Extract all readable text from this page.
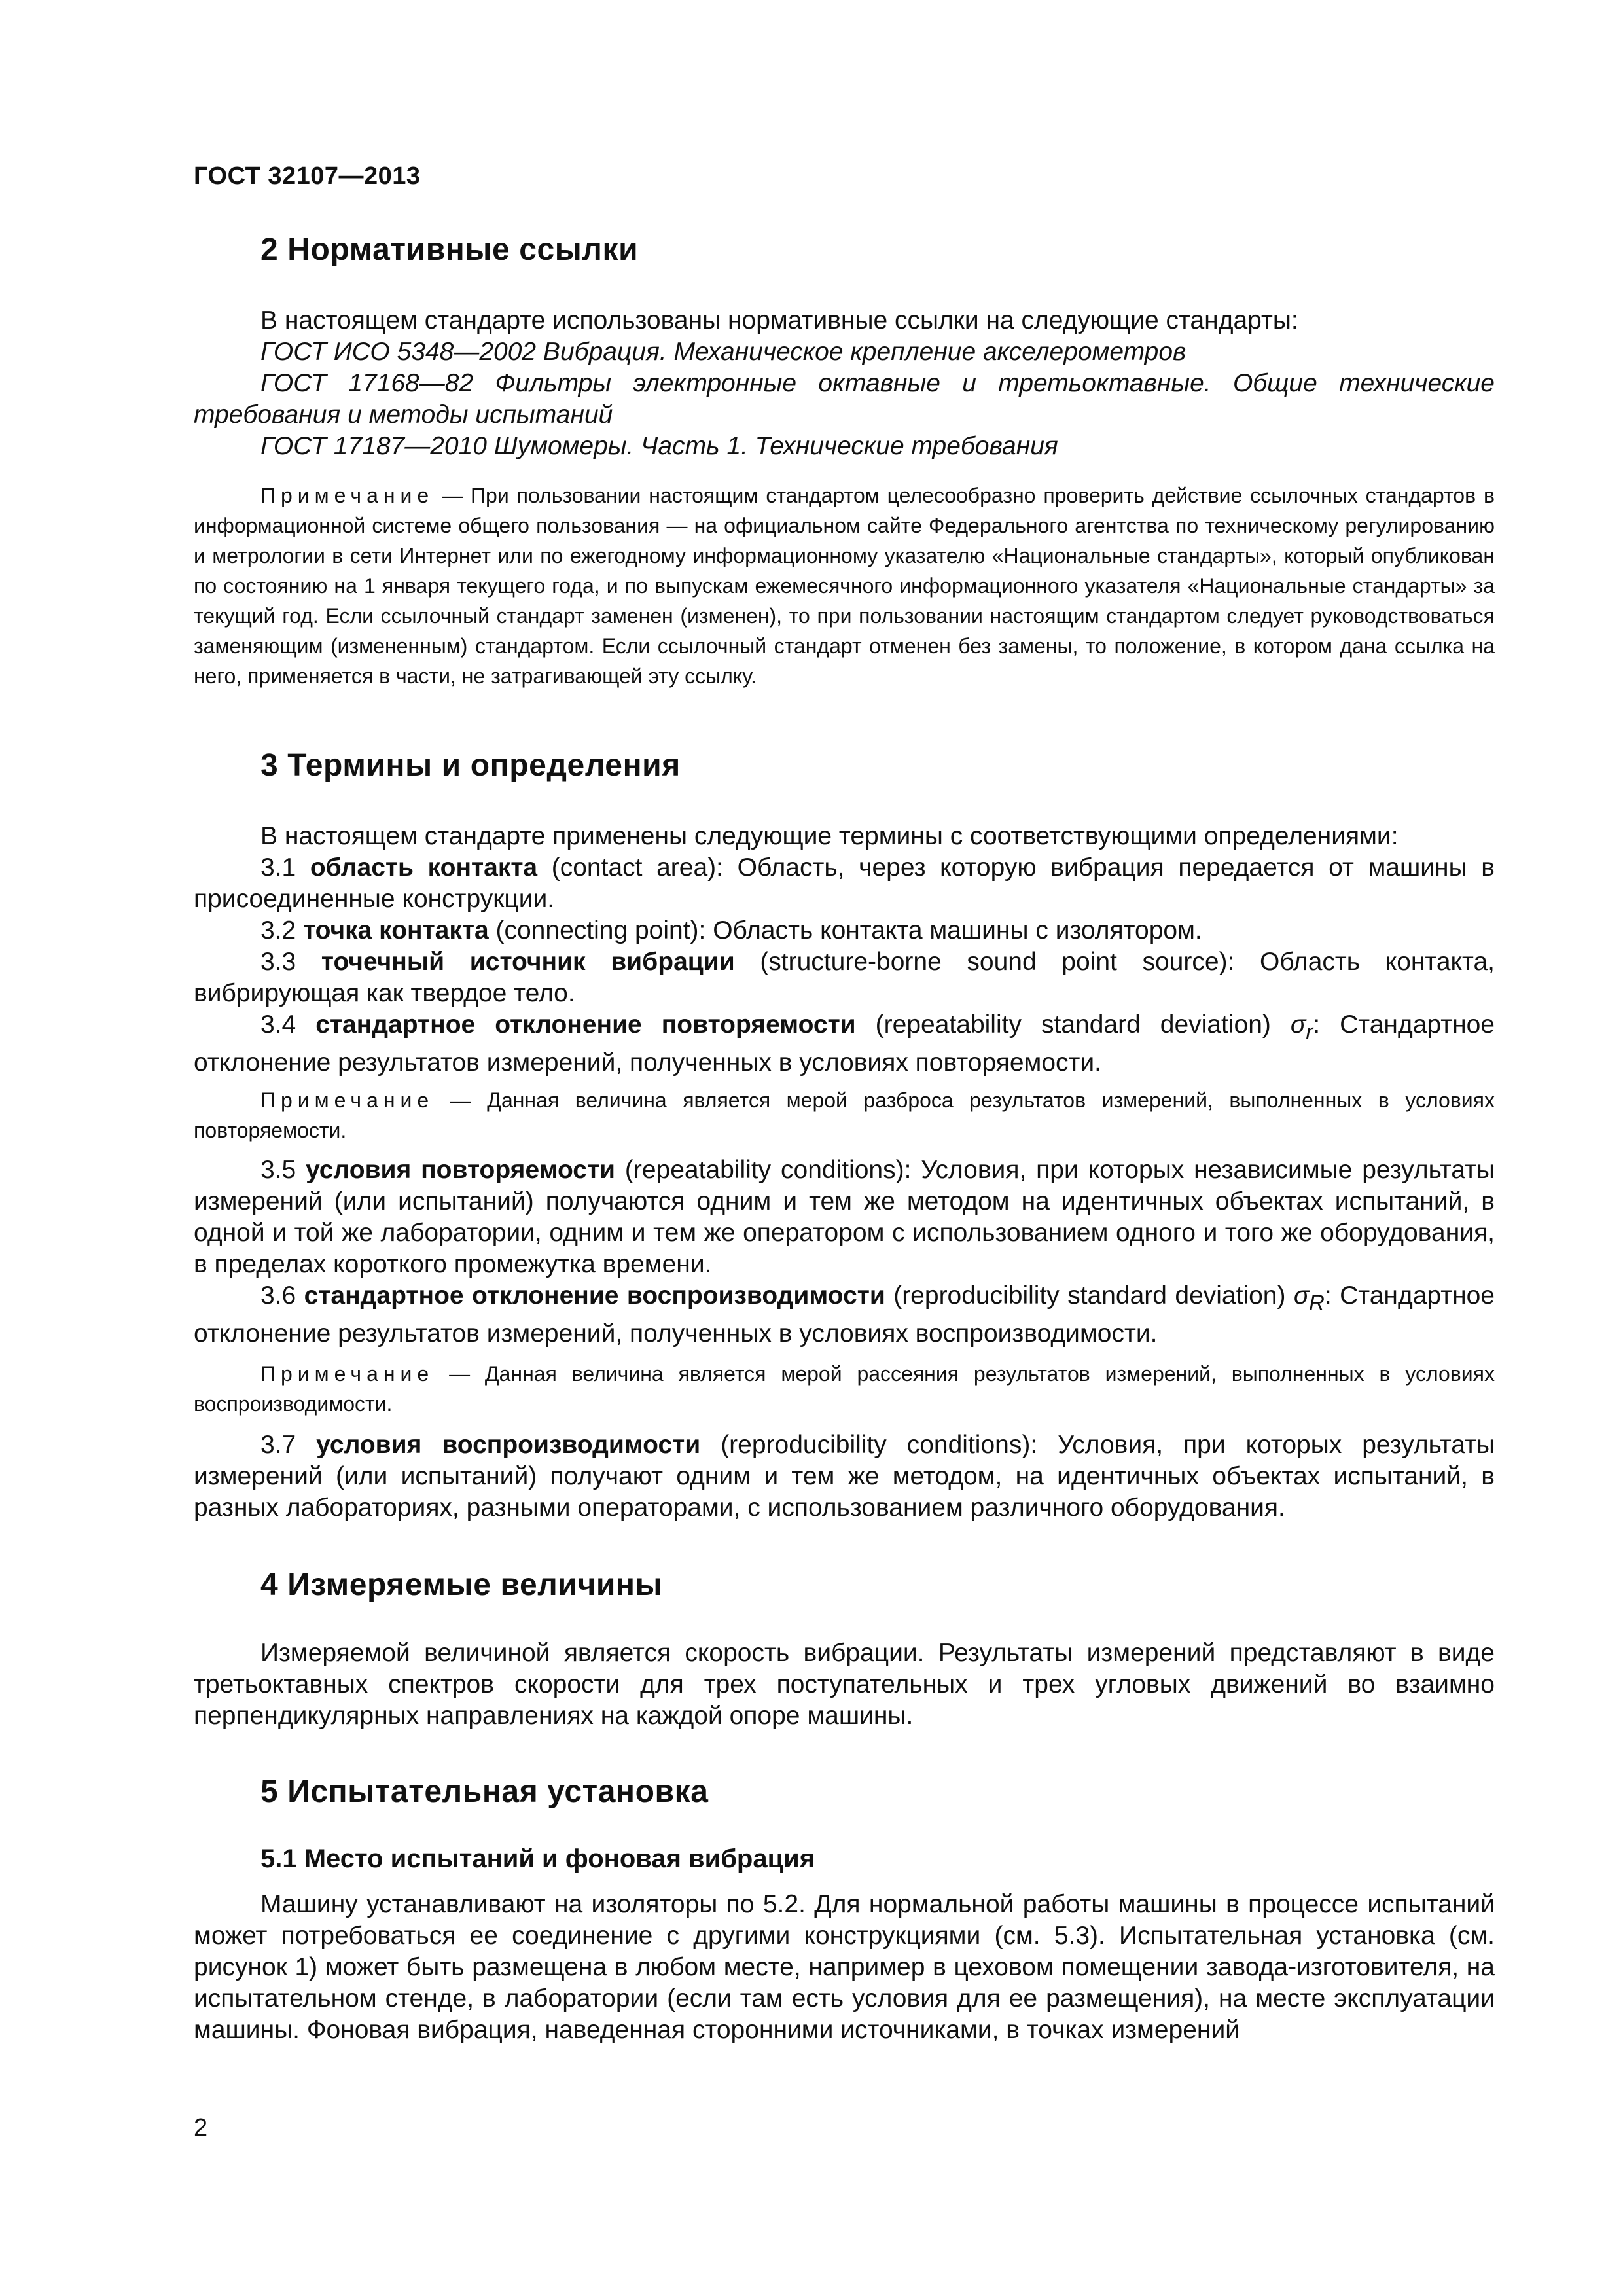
ГОСТ 32107—2013
2 Нормативные ссылки

В настоящем стандарте использованы нормативные ссылки на следующие стандарты:

ГОСТ ИСО 5348—2002 Вибрация. Механическое крепление акселерометров

ГОСТ 17168—82 Фильтры электронные октавные и третьоктавные. Общие технические требования и методы испытаний

ГОСТ 17187—2010 Шумомеры. Часть 1. Технические требования

Примечание — При пользовании настоящим стандартом целесообразно проверить действие ссылочных стандартов в информационной системе общего пользования — на официальном сайте Федерального агентства по техническому регулированию и метрологии в сети Интернет или по ежегодному информационному указателю «Национальные стандарты», который опубликован по состоянию на 1 января текущего года, и по выпускам ежемесячного информационного указателя «Национальные стандарты» за текущий год. Если ссылочный стандарт заменен (изменен), то при пользовании настоящим стандартом следует руководствоваться заменяющим (измененным) стандартом. Если ссылочный стандарт отменен без замены, то положение, в котором дана ссылка на него, применяется в части, не затрагивающей эту ссылку.

3 Термины и определения

В настоящем стандарте применены следующие термины с соответствующими определениями:

3.1 область контакта (contact area): Область, через которую вибрация передается от машины в присоединенные конструкции.

3.2 точка контакта (connecting point): Область контакта машины с изолятором.

3.3 точечный источник вибрации (structure-borne sound point source): Область контакта, вибрирующая как твердое тело.

3.4 стандартное отклонение повторяемости (repeatability standard deviation) $\sigma_r$: Стандартное отклонение результатов измерений, полученных в условиях повторяемости.

Примечание — Данная величина является мерой разброса результатов измерений, выполненных в условиях повторяемости.

3.5 условия повторяемости (repeatability conditions): Условия, при которых независимые результаты измерений (или испытаний) получаются одним и тем же методом на идентичных объектах испытаний, в одной и той же лаборатории, одним и тем же оператором с использованием одного и того же оборудования, в пределах короткого промежутка времени.

3.6 стандартное отклонение воспроизводимости (reproducibility standard deviation) $\sigma_R$: Стандартное отклонение результатов измерений, полученных в условиях воспроизводимости.

Примечание — Данная величина является мерой рассеяния результатов измерений, выполненных в условиях воспроизводимости.

3.7 условия воспроизводимости (reproducibility conditions): Условия, при которых результаты измерений (или испытаний) получают одним и тем же методом, на идентичных объектах испытаний, в разных лабораториях, разными операторами, с использованием различного оборудования.

4 Измеряемые величины

Измеряемой величиной является скорость вибрации. Результаты измерений представляют в виде третьоктавных спектров скорости для трех поступательных и трех угловых движений во взаимно перпендикулярных направлениях на каждой опоре машины.

5 Испытательная установка
5.1 Место испытаний и фоновая вибрация

Машину устанавливают на изоляторы по 5.2. Для нормальной работы машины в процессе испытаний может потребоваться ее соединение с другими конструкциями (см. 5.3). Испытательная установка (см. рисунок 1) может быть размещена в любом месте, например в цеховом помещении завода-изготовителя, на испытательном стенде, в лаборатории (если там есть условия для ее размещения), на месте эксплуатации машины. Фоновая вибрация, наведенная сторонними источниками, в точках измерений

2
